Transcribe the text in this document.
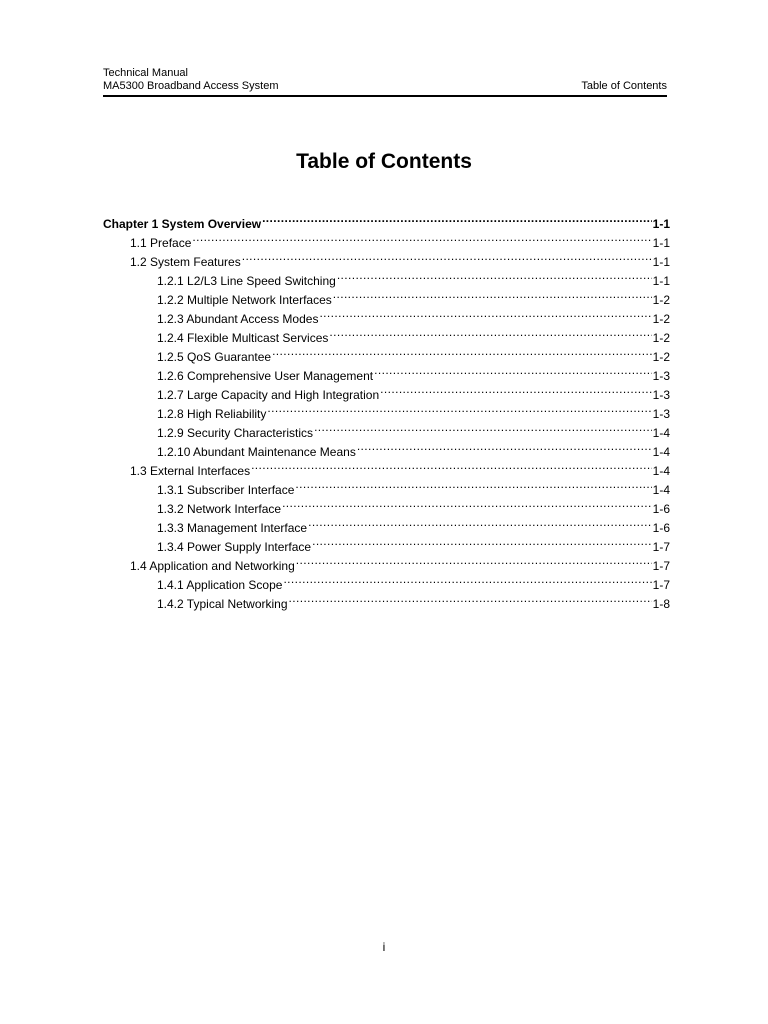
Technical Manual
MA5300 Broadband Access System	Table of Contents
Table of Contents
Chapter 1 System Overview .....	1-1
1.1 Preface .....	1-1
1.2 System Features .....	1-1
1.2.1 L2/L3 Line Speed Switching .....	1-1
1.2.2 Multiple Network Interfaces .....	1-2
1.2.3 Abundant Access Modes .....	1-2
1.2.4 Flexible Multicast Services .....	1-2
1.2.5 QoS Guarantee .....	1-2
1.2.6 Comprehensive User Management .....	1-3
1.2.7 Large Capacity and High Integration .....	1-3
1.2.8 High Reliability .....	1-3
1.2.9 Security Characteristics .....	1-4
1.2.10 Abundant Maintenance Means .....	1-4
1.3 External Interfaces .....	1-4
1.3.1 Subscriber Interface .....	1-4
1.3.2 Network Interface .....	1-6
1.3.3 Management Interface .....	1-6
1.3.4 Power Supply Interface .....	1-7
1.4 Application and Networking .....	1-7
1.4.1 Application Scope .....	1-7
1.4.2 Typical Networking .....	1-8
i
